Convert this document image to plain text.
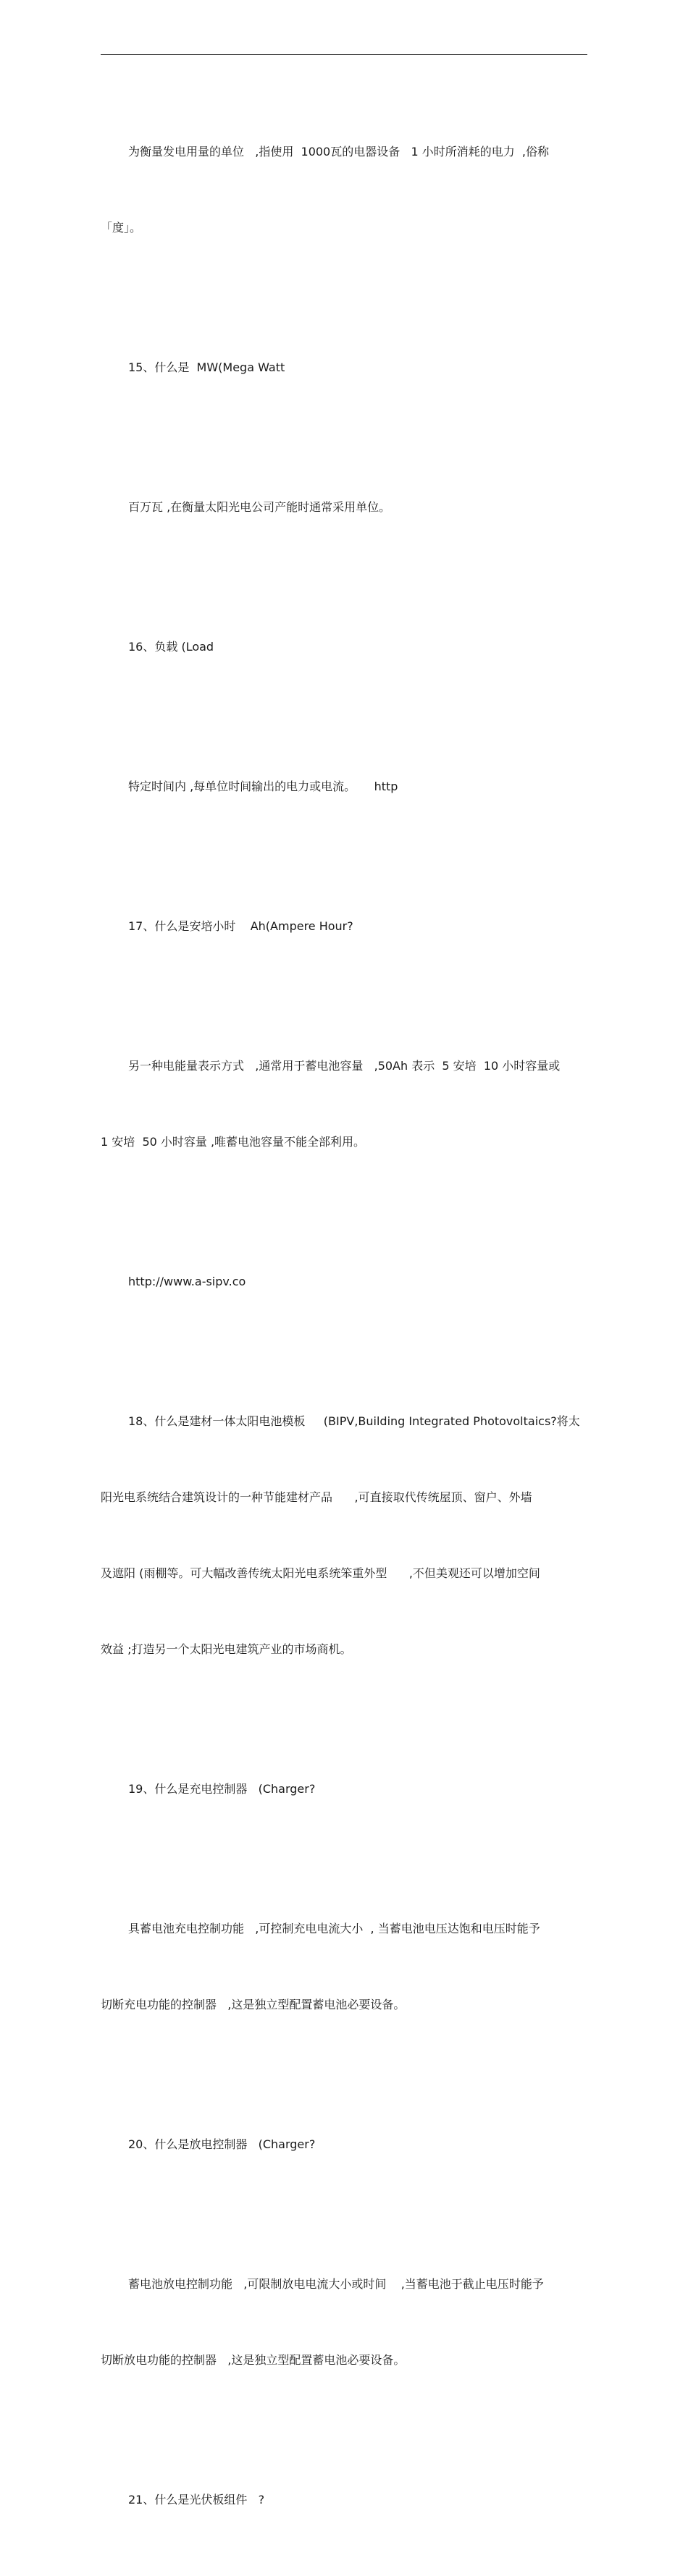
为衡量发电用量的单位   ,指使用  1000瓦的电器设备   1 小时所消耗的电力  ,俗称

「度」。

15、什么是  MW(Mega Watt

百万瓦 ,在衡量太阳光电公司产能时通常采用单位。

16、负载 (Load

特定时间内 ,每单位时间输出的电力或电流。     http

17、什么是安培小时    Ah(Ampere Hour?

另一种电能量表示方式   ,通常用于蓄电池容量   ,50Ah 表示  5 安培  10 小时容量或

1 安培  50 小时容量 ,唯蓄电池容量不能全部利用。

http://www.a-sipv.co

18、什么是建材一体太阳电池模板     (BIPV,Building Integrated Photovoltaics?将太

阳光电系统结合建筑设计的一种节能建材产品      ,可直接取代传统屋顶、窗户、外墙

及遮阳 (雨棚等。可大幅改善传统太阳光电系统笨重外型      ,不但美观还可以增加空间

效益 ;打造另一个太阳光电建筑产业的市场商机。

19、什么是充电控制器   (Charger?

具蓄电池充电控制功能   ,可控制充电电流大小  , 当蓄电池电压达饱和电压时能予

切断充电功能的控制器   ,这是独立型配置蓄电池必要设备。

20、什么是放电控制器   (Charger?

蓄电池放电控制功能   ,可限制放电电流大小或时间    ,当蓄电池于截止电压时能予

切断放电功能的控制器   ,这是独立型配置蓄电池必要设备。

21、什么是光伏板组件   ?
